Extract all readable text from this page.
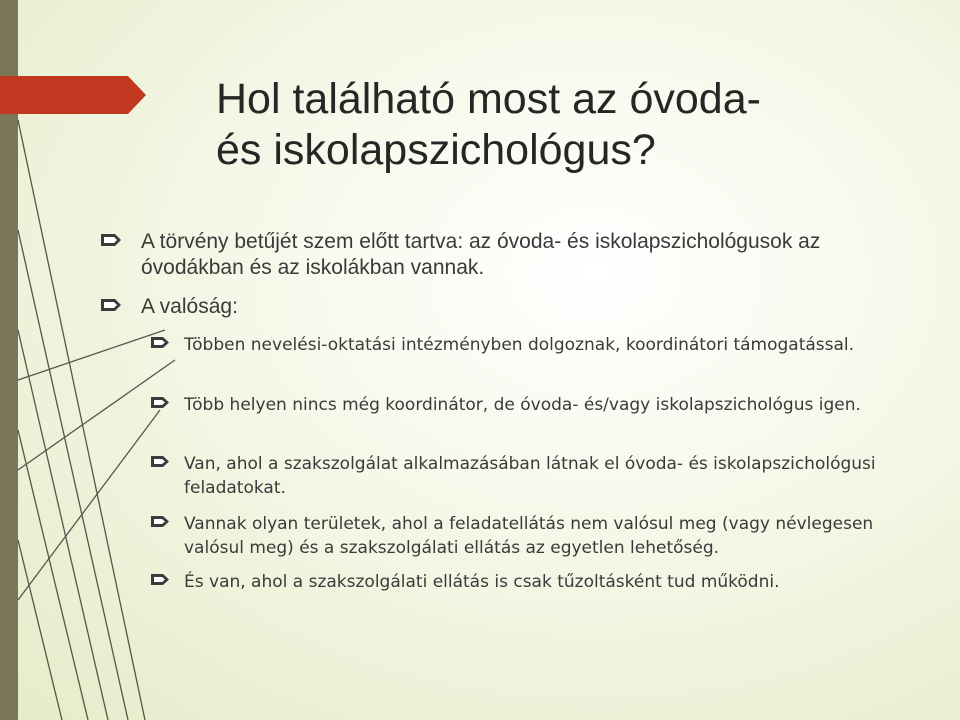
Hol található most az óvoda-
és iskolapszichológus?
A törvény betűjét szem előtt tartva: az óvoda- és iskolapszichológusok az óvodákban és az iskolákban vannak.
A valóság:
Többen nevelési-oktatási intézményben dolgoznak, koordinátori támogatással.
Több helyen nincs még koordinátor, de óvoda- és/vagy iskolapszichológus igen.
Van, ahol a szakszolgálat alkalmazásában látnak el óvoda- és iskolapszichológusi feladatokat.
Vannak olyan területek, ahol a feladatellátás nem valósul meg (vagy névlegesen valósul meg) és a szakszolgálati ellátás az egyetlen lehetőség.
És van, ahol a szakszolgálati ellátás is csak tűzoltásként tud működni.
